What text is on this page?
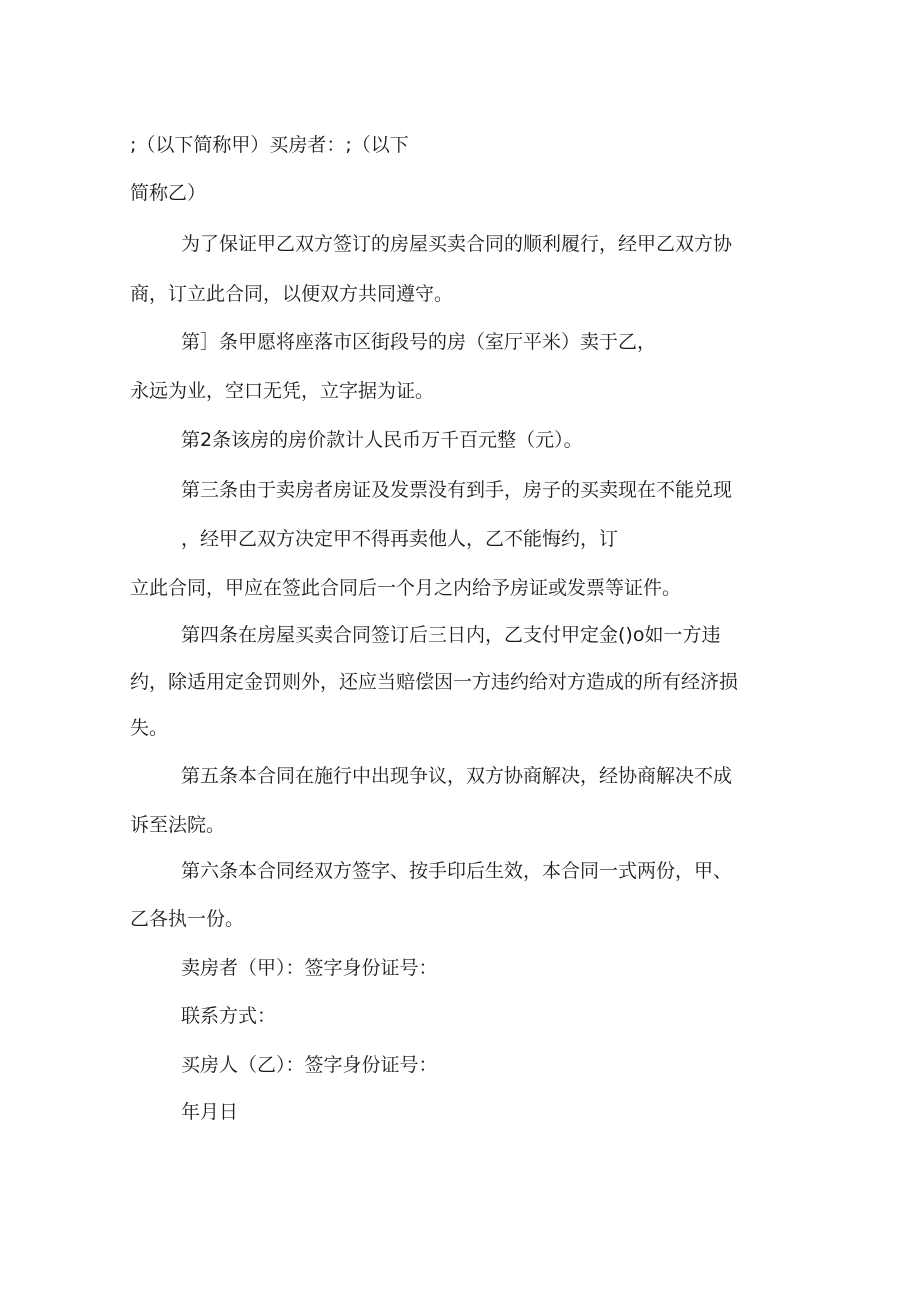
;（以下简称甲）买房者：;（以下
简称乙）
为了保证甲乙双方签订的房屋买卖合同的顺利履行，经甲乙双方协
商，订立此合同，以便双方共同遵守。
第］条甲愿将座落市区街段号的房（室厅平米）卖于乙，
永远为业，空口无凭，立字据为证。
第2条该房的房价款计人民币万千百元整（元）。
第三条由于卖房者房证及发票没有到手，房子的买卖现在不能兑现
，经甲乙双方决定甲不得再卖他人，乙不能悔约，订
立此合同，甲应在签此合同后一个月之内给予房证或发票等证件。
第四条在房屋买卖合同签订后三日内，乙支付甲定金()o如一方违
约，除适用定金罚则外，还应当赔偿因一方违约给对方造成的所有经济损
失。
第五条本合同在施行中出现争议，双方协商解决，经协商解决不成
诉至法院。
第六条本合同经双方签字、按手印后生效，本合同一式两份，甲、
乙各执一份。
卖房者（甲）：签字身份证号：
联系方式：
买房人（乙）：签字身份证号：
年月日
